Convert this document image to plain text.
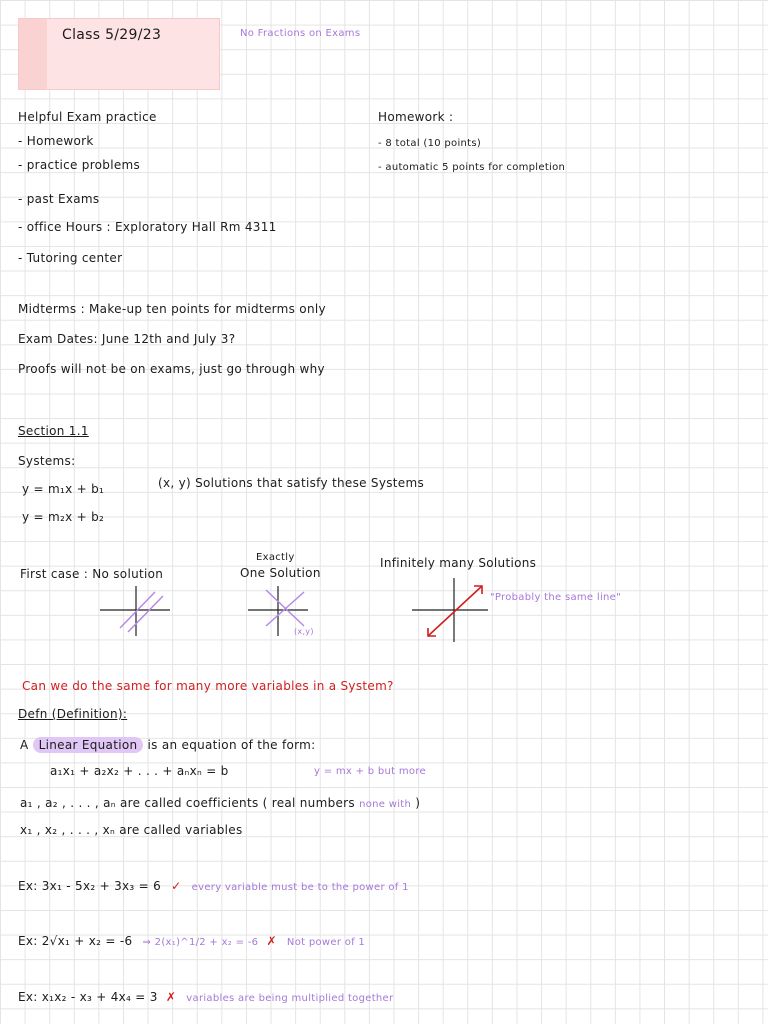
Class 5/29/23	No Fractions on Exams
Helpful Exam practice
- Homework
- practice problems
- past Exams
- office Hours : Exploratory Hall Rm 4311
- Tutoring center
Homework :
- 8 total (10 points)
- automatic 5 points for completion
Midterms : Make-up ten points for midterms only
Exam Dates: June 12th and July 3?
Proofs will not be on exams, just go through why
Section 1.1
Systems:
y = m₁x + b₁
y = m₂x + b₂
(x, y) Solutions that satisfy these Systems
First case : No solution
Exactly
One Solution
Infinitely many Solutions
"Probably the same line"
(x,y)
Can we do the same for many more variables in a System?
Defn (Definition):
A Linear Equation is an equation of the form:
a₁x₁ + a₂x₂ + . . . + aₙxₙ = b	y = mx + b but more
a₁ , a₂ , . . . , aₙ are called coefficients ( real numbers none with )
x₁ , x₂ , . . . , xₙ are called variables
Ex: 3x₁ - 5x₂ + 3x₃ = 6 ✓ every variable must be to the power of 1
Ex: 2√x₁ + x₂ = -6 ⇒ 2(x₁)^1/2 + x₂ = -6 ✗ Not power of 1
Ex: x₁x₂ - x₃ + 4x₄ = 3 ✗ variables are being multiplied together
